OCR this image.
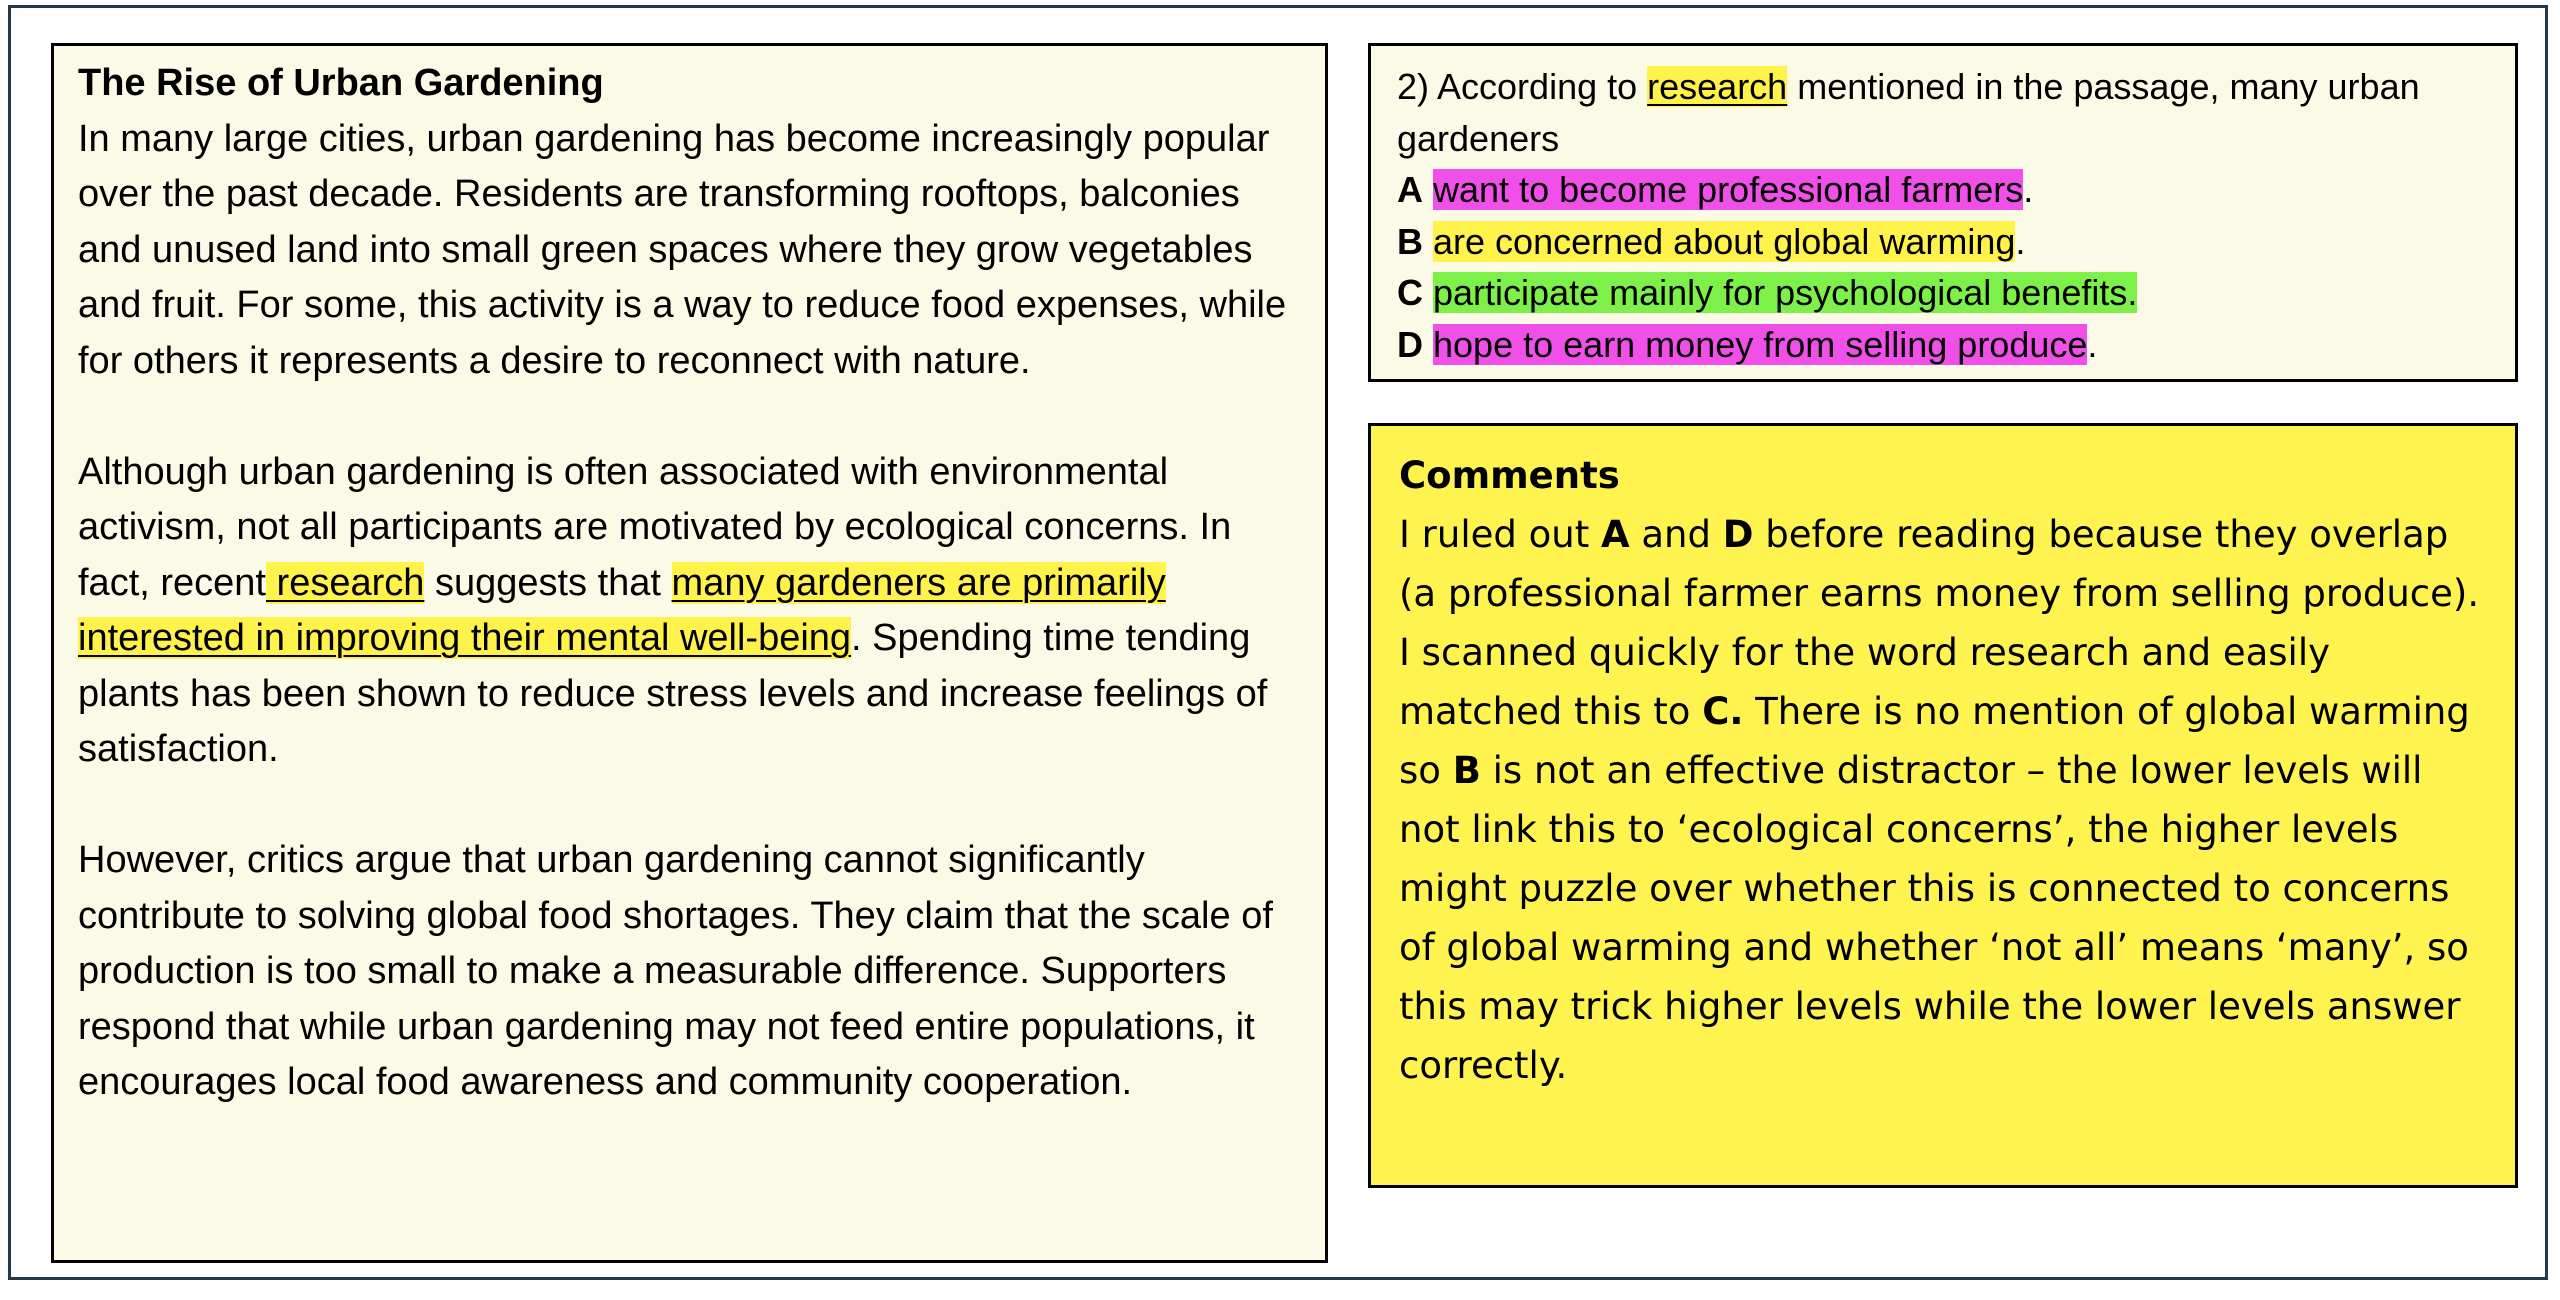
The Rise of Urban Gardening

In many large cities, urban gardening has become increasingly popular over the past decade. Residents are transforming rooftops, balconies and unused land into small green spaces where they grow vegetables and fruit. For some, this activity is a way to reduce food expenses, while for others it represents a desire to reconnect with nature.

Although urban gardening is often associated with environmental activism, not all participants are motivated by ecological concerns. In fact, recent research suggests that many gardeners are primarily interested in improving their mental well-being. Spending time tending plants has been shown to reduce stress levels and increase feelings of satisfaction.

However, critics argue that urban gardening cannot significantly contribute to solving global food shortages. They claim that the scale of production is too small to make a measurable difference. Supporters respond that while urban gardening may not feed entire populations, it encourages local food awareness and community cooperation.

2) According to research mentioned in the passage, many urban gardeners

A want to become professional farmers.

B are concerned about global warming.

C participate mainly for psychological benefits.

D hope to earn money from selling produce.

Comments

I ruled out A and D before reading because they overlap (a professional farmer earns money from selling produce). I scanned quickly for the word research and easily matched this to C. There is no mention of global warming so B is not an effective distractor – the lower levels will not link this to ‘ecological concerns’, the higher levels might puzzle over whether this is connected to concerns of global warming and whether ‘not all’ means ‘many’, so this may trick higher levels while the lower levels answer correctly.
